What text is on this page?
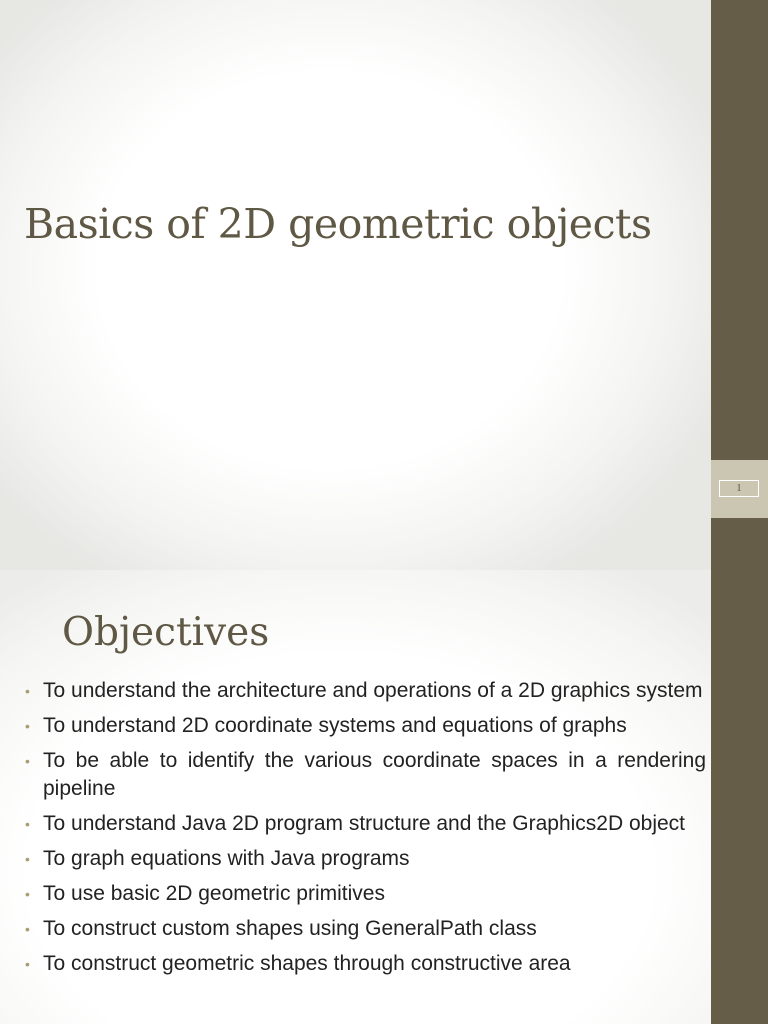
1
Basics of 2D geometric objects
Objectives
• To understand the architecture and operations of a 2D graphics system
• To understand 2D coordinate systems and equations of graphs
• To be able to identify the various coordinate spaces in a rendering pipeline
• To understand Java 2D program structure and the Graphics2D object
• To graph equations with Java programs
• To use basic 2D geometric primitives
• To construct custom shapes using GeneralPath class
• To construct geometric shapes through constructive area
